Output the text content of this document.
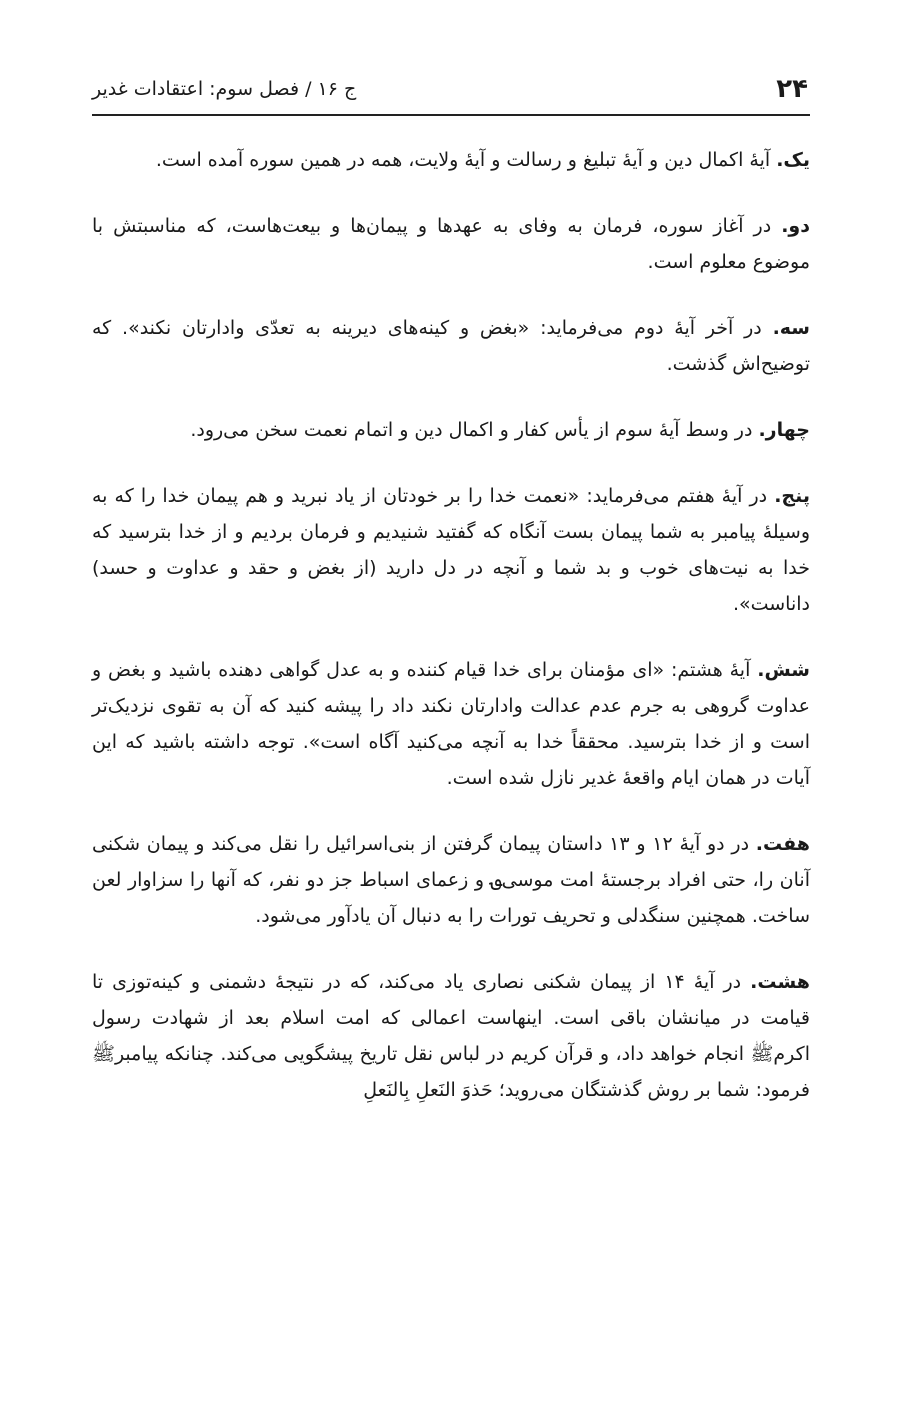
۲۴
ج ۱۶ / فصل سوم: اعتقادات غدیر

یک. آیهٔ اکمال دین و آیهٔ تبلیغ و رسالت و آیهٔ ولایت، همه در همین سوره آمده است.

دو. در آغاز سوره، فرمان به وفای به عهدها و پیمان‌ها و بیعت‌هاست، که مناسبتش با موضوع معلوم است.

سه. در آخر آیهٔ دوم می‌فرماید: «بغض و کینه‌های دیرینه به تعدّی وادارتان نکند». که توضیح‌اش گذشت.

چهار. در وسط آیهٔ سوم از یأس کفار و اکمال دین و اتمام نعمت سخن می‌رود.

پنج. در آیهٔ هفتم می‌فرماید: «نعمت خدا را بر خودتان از یاد نبرید و هم پیمان خدا را که به وسیلهٔ پیامبر به شما پیمان بست آنگاه که گفتید شنیدیم و فرمان بردیم و از خدا بترسید که خدا به نیت‌های خوب و بد شما و آنچه در دل دارید (از بغض و حقد و عداوت و حسد) داناست».

شش. آیهٔ هشتم: «ای مؤمنان برای خدا قیام کننده و به عدل گواهی دهنده باشید و بغض و عداوت گروهی به جرم عدم عدالت وادارتان نکند داد را پیشه کنید که آن به تقوی نزدیک‌تر است و از خدا بترسید. محققاً خدا به آنچه می‌کنید آگاه است». توجه داشته باشید که این آیات در همان ایام واقعهٔ غدیر نازل شده است.

هفت. در دو آیهٔ ۱۲ و ۱۳ داستان پیمان گرفتن از بنی‌اسرائیل را نقل می‌کند و پیمان شکنی آنان را، حتی افراد برجستهٔ امت موسی؈ و زعمای اسباط جز دو نفر، که آنها را سزاوار لعن ساخت. همچنین سنگدلی و تحریف تورات را به دنبال آن یادآور می‌شود.

هشت. در آیهٔ ۱۴ از پیمان شکنی نصاری یاد می‌کند، که در نتیجهٔ دشمنی و کینه‌توزی تا قیامت در میانشان باقی است. اینهاست اعمالی که امت اسلام بعد از شهادت رسول اکرمﷺ انجام خواهد داد، و قرآن کریم در لباس نقل تاریخ پیشگویی می‌کند. چنانکه پیامبرﷺ فرمود: شما بر روش گذشتگان می‌روید؛ حَذوَ النَعلِ بِالنَعلِ
